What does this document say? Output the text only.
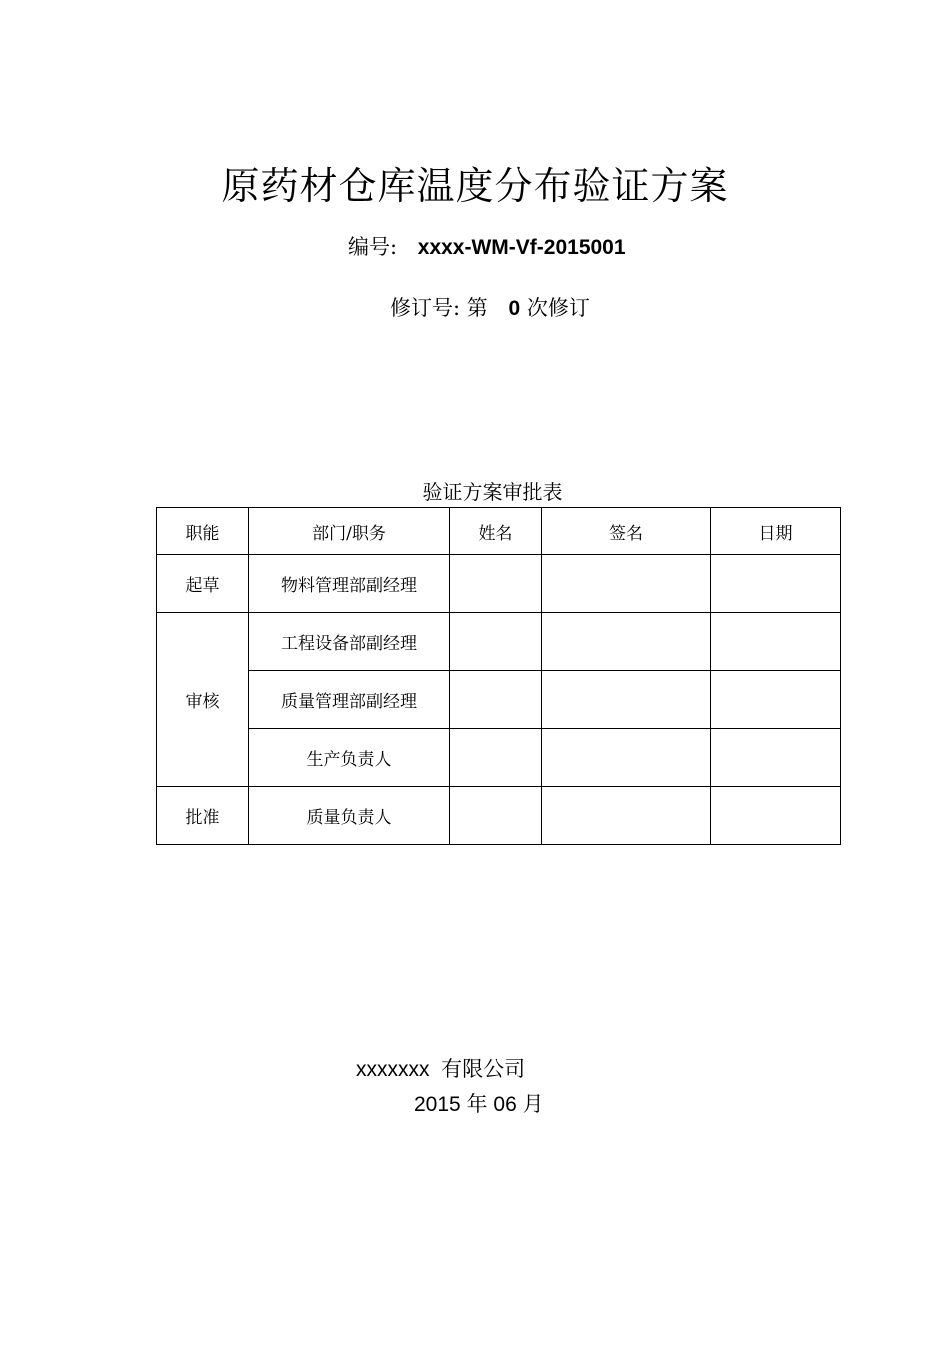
原药材仓库温度分布验证方案
编号: xxxx-WM-Vf-2015001
修订号: 第 0 次修订
验证方案审批表
职能	部门/职务	姓名	签名	日期
起草	物料管理部副经理			
审核	工程设备部副经理			
	质量管理部副经理			
	生产负责人			
批准	质量负责人			
xxxxxxx  有限公司
2015 年 06 月
